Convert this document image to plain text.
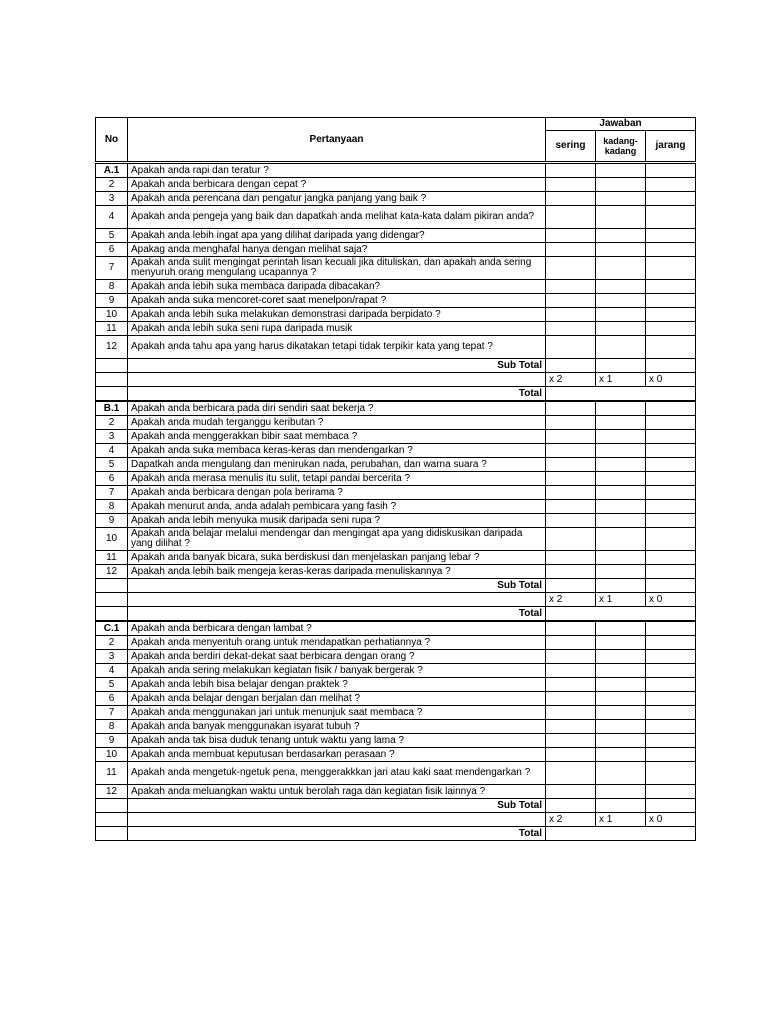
No	Pertanyaan	Jawaban		
		sering	kadang-kadang	jarang
A.1	Apakah anda rapi dan teratur ?			
2	Apakah anda berbicara dengan cepat ?			
3	Apakah anda perencana dan pengatur jangka panjang yang baik ?			
4	Apakah anda pengeja yang baik dan dapatkah anda melihat kata-kata dalam pikiran anda?			
5	Apakah anda lebih ingat apa yang dilihat daripada yang didengar?			
6	Apakag anda menghafal hanya dengan melihat saja?			
7	Apakah anda sulit mengingat perintah lisan kecuali jika dituliskan, dan apakah anda sering menyuruh orang mengulang ucapannya ?			
8	Apakah anda lebih suka membaca daripada dibacakan?			
9	Apakah anda suka mencoret-coret saat menelpon/rapat ?			
10	Apakah anda lebih suka melakukan demonstrasi daripada berpidato ?			
11	Apakah anda lebih suka seni rupa daripada musik			
12	Apakah anda tahu apa yang harus dikatakan tetapi tidak terpikir kata yang tepat ?			
	Sub Total			
		x 2	x 1	x 0
	Total			
B.1	Apakah anda berbicara pada diri sendiri saat bekerja ?			
2	Apakah anda mudah terganggu keributan ?			
3	Apakah anda menggerakkan bibir saat membaca ?			
4	Apakah anda suka membaca keras-keras dan mendengarkan ?			
5	Dapatkah anda mengulang dan menirukan nada, perubahan, dan warna suara ?			
6	Apakah anda merasa menulis itu sulit, tetapi pandai bercerita ?			
7	Apakah anda berbicara dengan pola berirama ?			
8	Apakah menurut anda, anda adalah pembicara yang fasih ?			
9	Apakah anda lebih menyuka musik daripada seni rupa ?			
10	Apakah anda belajar melalui mendengar dan mengingat apa yang didiskusikan daripada yang dilihat ?			
11	Apakah anda banyak bicara, suka berdiskusi dan menjelaskan panjang lebar ?			
12	Apakah anda lebih baik mengeja keras-keras daripada menuliskannya ?			
	Sub Total			
		x 2	x 1	x 0
	Total			
C.1	Apakah anda berbicara dengan lambat ?			
2	Apakah anda menyentuh orang untuk mendapatkan perhatiannya ?			
3	Apakah anda berdiri dekat-dekat saat berbicara dengan orang ?			
4	Apakah anda sering melakukan kegiatan fisik / banyak bergerak ?			
5	Apakah anda lebih bisa belajar dengan praktek ?			
6	Apakah anda belajar dengan berjalan dan melihat ?			
7	Apakah anda menggunakan jari untuk menunjuk saat membaca ?			
8	Apakah anda banyak menggunakan isyarat tubuh ?			
9	Apakah anda tak bisa duduk tenang untuk waktu yang lama ?			
10	Apakah anda membuat keputusan berdasarkan perasaan ?			
11	Apakah anda mengetuk-ngetuk pena, menggerakkkan jari atau kaki saat mendengarkan ?			
12	Apakah anda meluangkan waktu untuk berolah raga dan kegiatan fisik lainnya ?			
	Sub Total			
		x 2	x 1	x 0
	Total			
